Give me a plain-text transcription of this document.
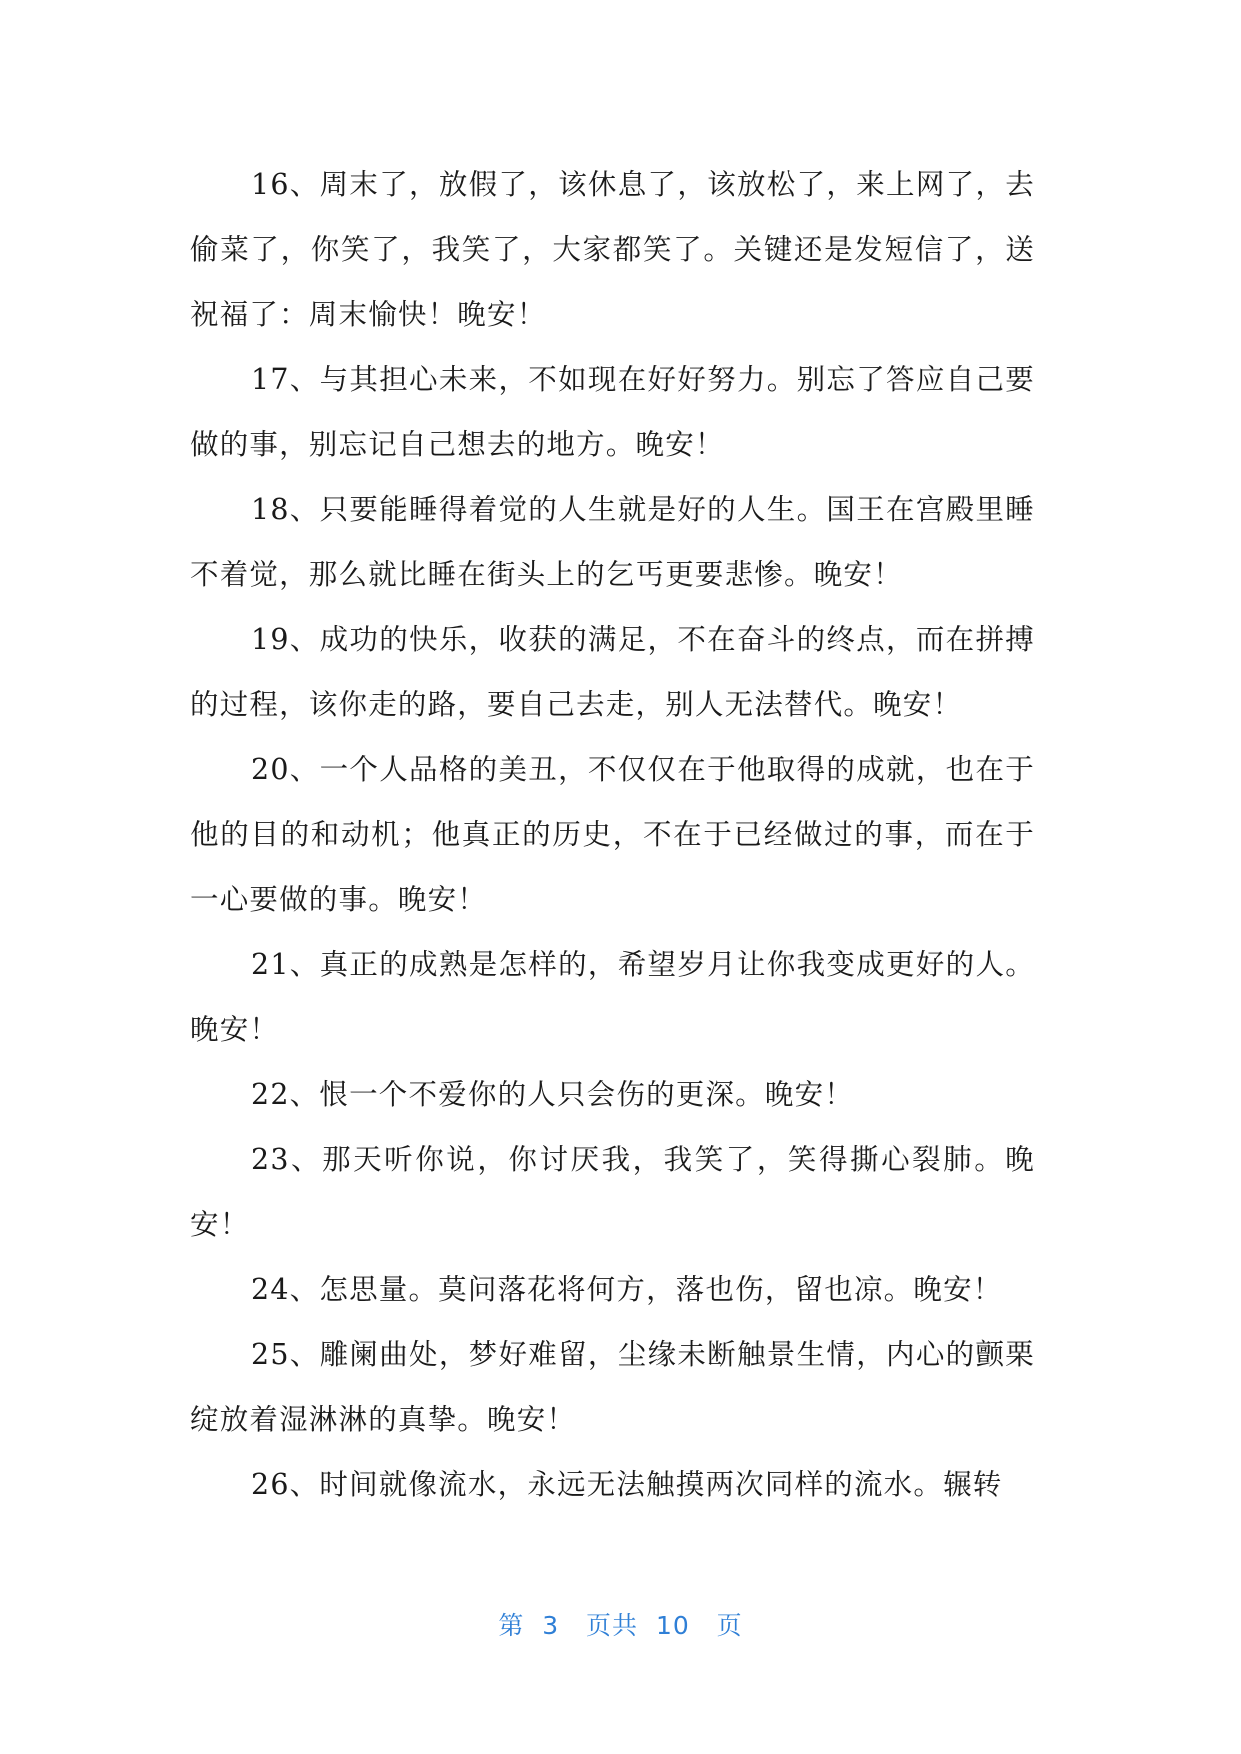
16、周末了，放假了，该休息了，该放松了，来上网了，去偷菜了，你笑了，我笑了，大家都笑了。关键还是发短信了，送祝福了：周末愉快！晚安！

17、与其担心未来，不如现在好好努力。别忘了答应自己要做的事，别忘记自己想去的地方。晚安！

18、只要能睡得着觉的人生就是好的人生。国王在宫殿里睡不着觉，那么就比睡在街头上的乞丐更要悲惨。晚安！

19、成功的快乐，收获的满足，不在奋斗的终点，而在拼搏的过程，该你走的路，要自己去走，别人无法替代。晚安！

20、一个人品格的美丑，不仅仅在于他取得的成就，也在于他的目的和动机；他真正的历史，不在于已经做过的事，而在于一心要做的事。晚安！

21、真正的成熟是怎样的，希望岁月让你我变成更好的人。晚安！

22、恨一个不爱你的人只会伤的更深。晚安！

23、那天听你说，你讨厌我，我笑了，笑得撕心裂肺。晚安！

24、怎思量。莫问落花将何方，落也伤，留也凉。晚安！

25、雕阑曲处，梦好难留，尘缘未断触景生情，内心的颤栗绽放着湿淋淋的真挚。晚安！

26、时间就像流水，永远无法触摸两次同样的流水。辗转

第 3 页共 10 页
